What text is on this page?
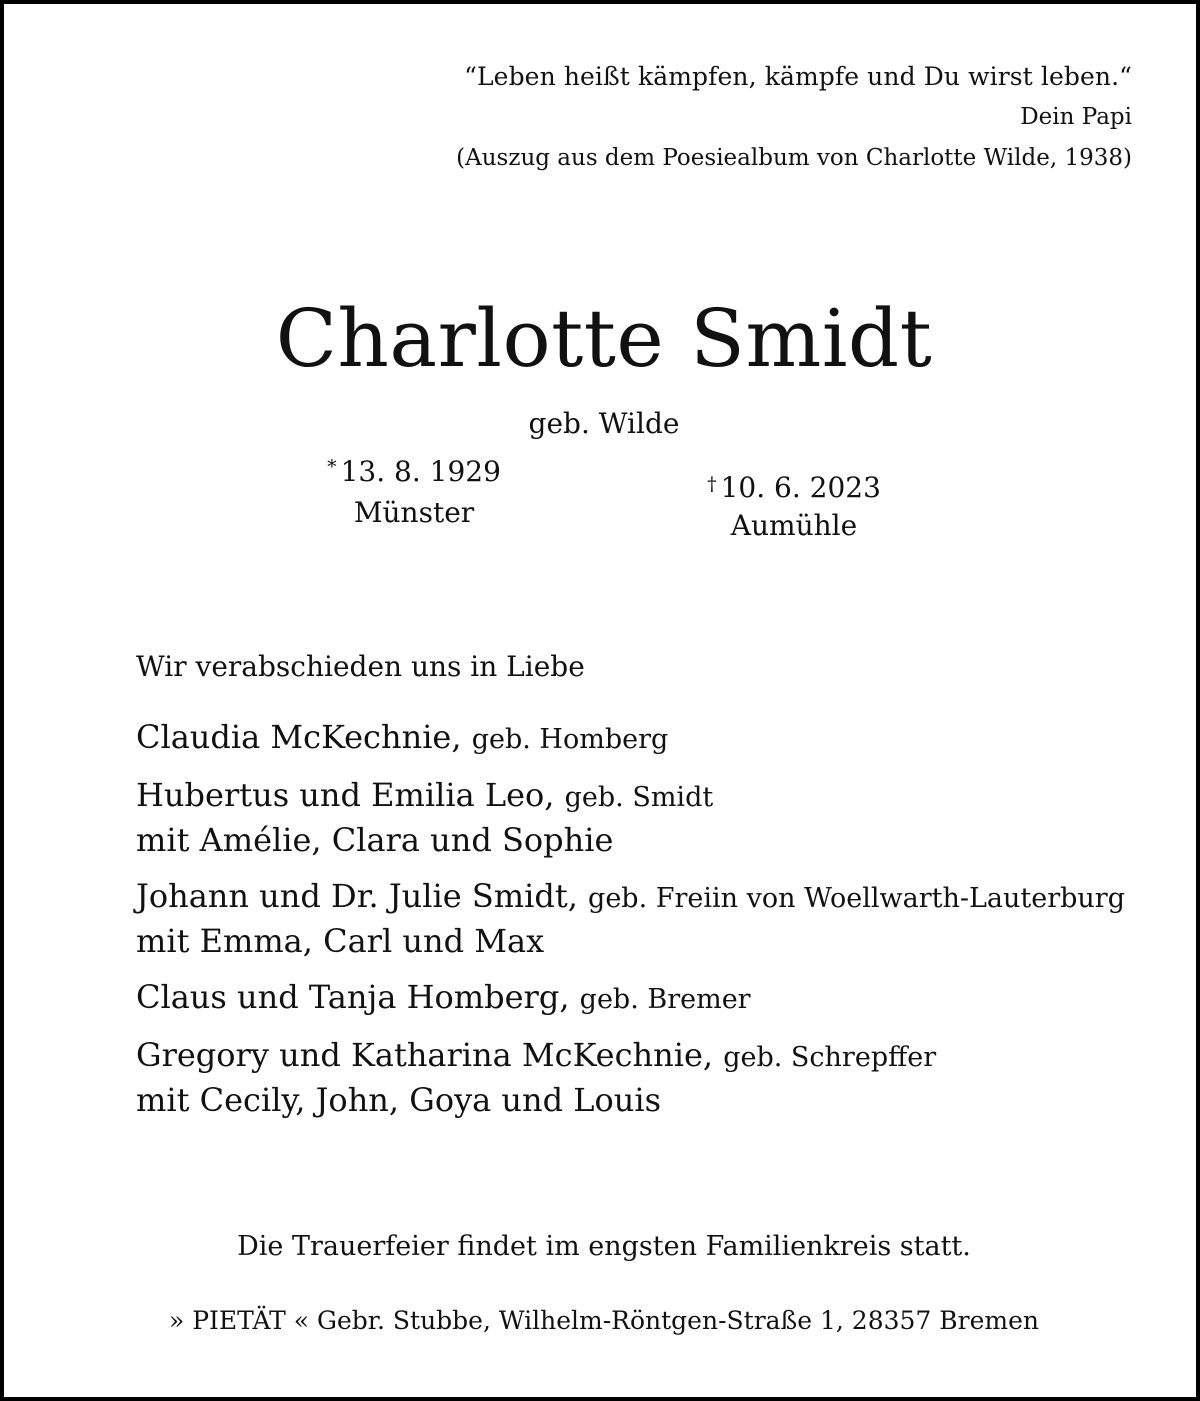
“Leben heißt kämpfen, kämpfe und Du wirst leben.“
Dein Papi
(Auszug aus dem Poesiealbum von Charlotte Wilde, 1938)
Charlotte Smidt
geb. Wilde
* 13. 8. 1929
Münster
† 10. 6. 2023
Aumühle
Wir verabschieden uns in Liebe
Claudia McKechnie, geb. Homberg
Hubertus und Emilia Leo, geb. Smidt
mit Amélie, Clara und Sophie
Johann und Dr. Julie Smidt, geb. Freiin von Woellwarth-Lauterburg
mit Emma, Carl und Max
Claus und Tanja Homberg, geb. Bremer
Gregory und Katharina McKechnie, geb. Schrepffer
mit Cecily, John, Goya und Louis
Die Trauerfeier findet im engsten Familienkreis statt.
» PIETÄT « Gebr. Stubbe, Wilhelm-Röntgen-Straße 1, 28357 Bremen
